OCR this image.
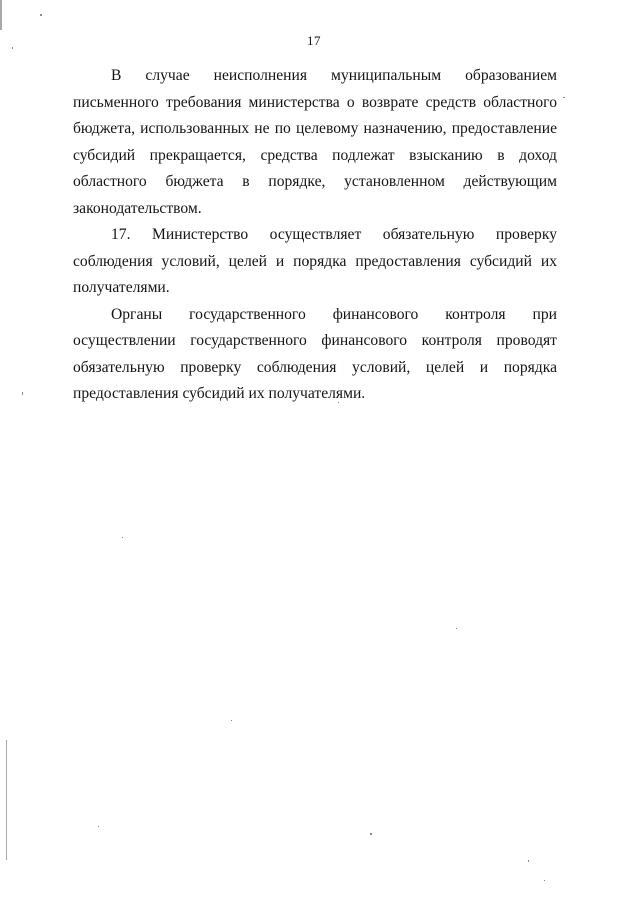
17

В случае неисполнения муниципальным образованием письменного требования министерства о возврате средств областного бюджета, использованных не по целевому назначению, предоставление субсидий прекращается, средства подлежат взысканию в доход областного бюджета в порядке, установленном действующим законодательством.

17. Министерство осуществляет обязательную проверку соблюдения условий, целей и порядка предоставления субсидий их получателями.

Органы государственного финансового контроля при осуществлении государственного финансового контроля проводят обязательную проверку соблюдения условий, целей и порядка предоставления субсидий их получателями.
